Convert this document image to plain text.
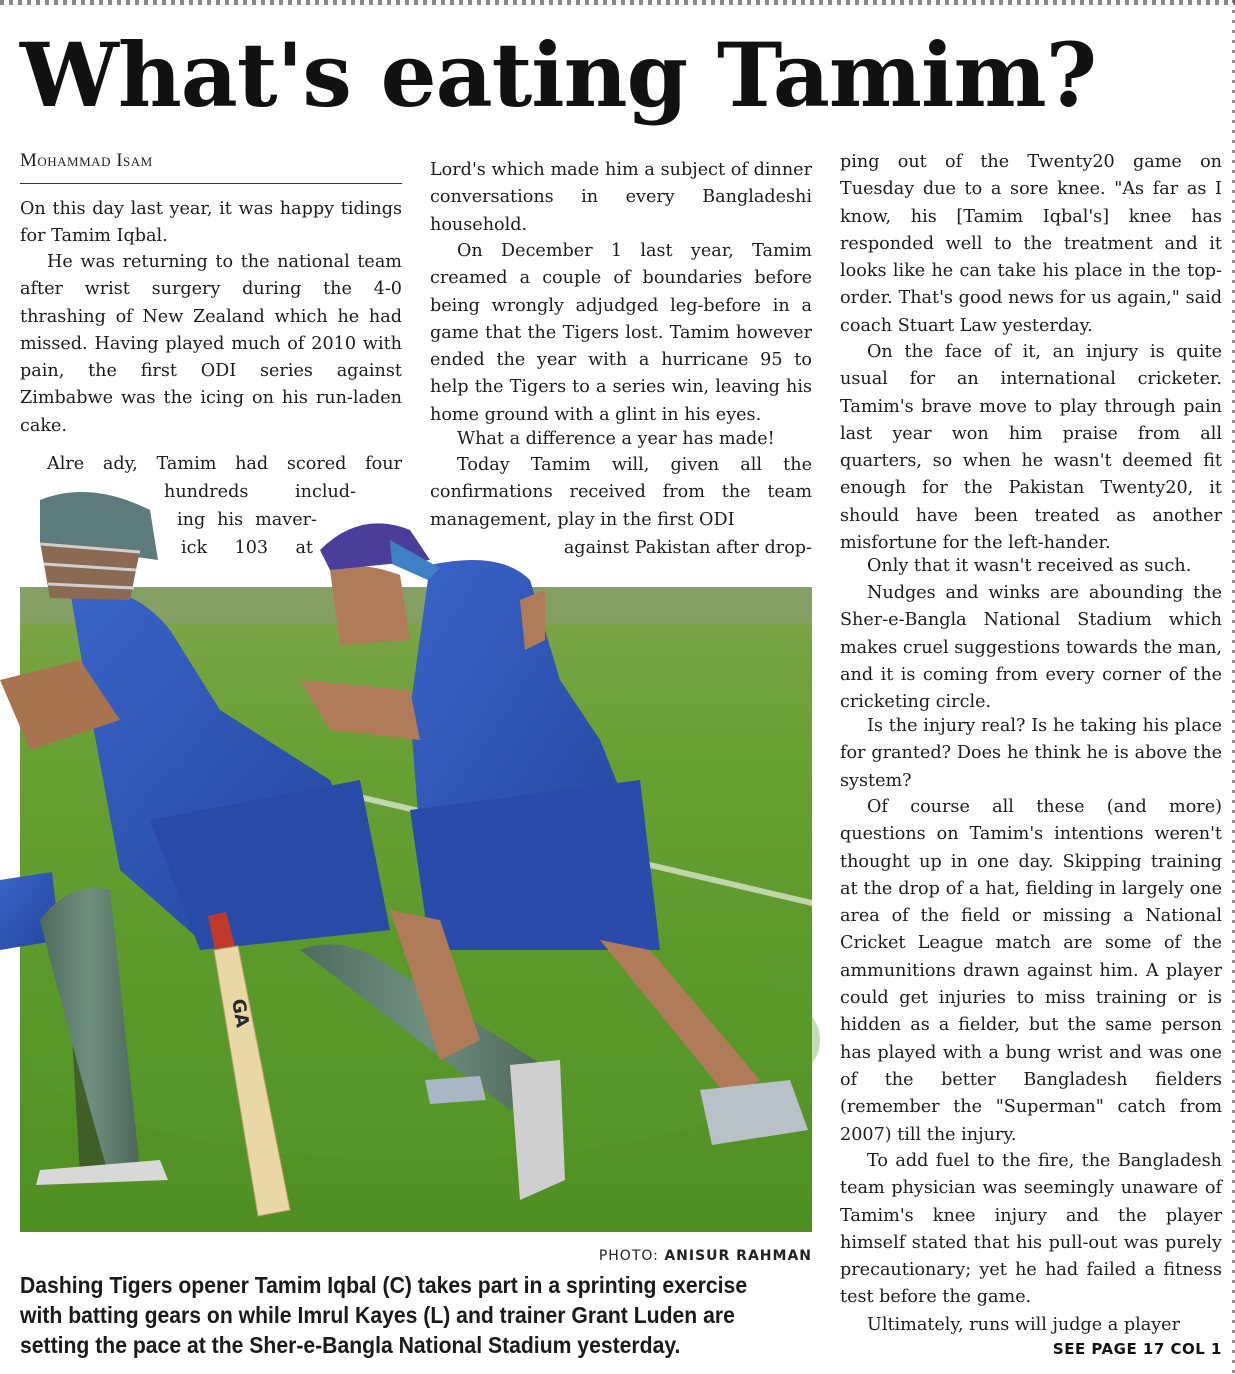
What's eating Tamim?
Mohammad Isam

On this day last year, it was happy tidings for Tamim Iqbal.

He was returning to the national team after wrist surgery during the 4-0 thrashing of New Zealand which he had missed. Having played much of 2010 with pain, the first ODI series against Zimbabwe was the icing on his run-laden cake.

Alre ady, Tamim had scored four
hundreds includ-
ing his maver-
ick 103 at

Lord's which made him a subject of dinner conversations in every Bangladeshi household.

On December 1 last year, Tamim creamed a couple of boundaries before being wrongly adjudged leg-before in a game that the Tigers lost. Tamim however ended the year with a hurricane 95 to help the Tigers to a series win, leaving his home ground with a glint in his eyes.

What a difference a year has made!

Today Tamim will, given all the confirmations received from the team management, play in the first ODI

against Pakistan after drop-

ping out of the Twenty20 game on Tuesday due to a sore knee. "As far as I know, his [Tamim Iqbal's] knee has responded well to the treatment and it looks like he can take his place in the top-order. That's good news for us again," said coach Stuart Law yesterday.

On the face of it, an injury is quite usual for an international cricketer. Tamim's brave move to play through pain last year won him praise from all quarters, so when he wasn't deemed fit enough for the Pakistan Twenty20, it should have been treated as another misfortune for the left-hander.

Only that it wasn't received as such.

Nudges and winks are abounding the Sher-e-Bangla National Stadium which makes cruel suggestions towards the man, and it is coming from every corner of the cricketing circle.

Is the injury real? Is he taking his place for granted? Does he think he is above the system?

Of course all these (and more) questions on Tamim's intentions weren't thought up in one day. Skipping training at the drop of a hat, fielding in largely one area of the field or missing a National Cricket League match are some of the ammunitions drawn against him. A player could get injuries to miss training or is hidden as a fielder, but the same person has played with a bung wrist and was one of the better Bangladesh fielders (remember the "Superman" catch from 2007) till the injury.

To add fuel to the fire, the Bangladesh team physician was seemingly unaware of Tamim's knee injury and the player himself stated that his pull-out was purely precautionary; yet he had failed a fitness test before the game.

Ultimately, runs will judge a player

GA
PHOTO: ANISUR RAHMAN
Dashing Tigers opener Tamim Iqbal (C) takes part in a sprinting exercise
with batting gears on while Imrul Kayes (L) and trainer Grant Luden are
setting the pace at the Sher-e-Bangla National Stadium yesterday.	SEE PAGE 17 COL 1
